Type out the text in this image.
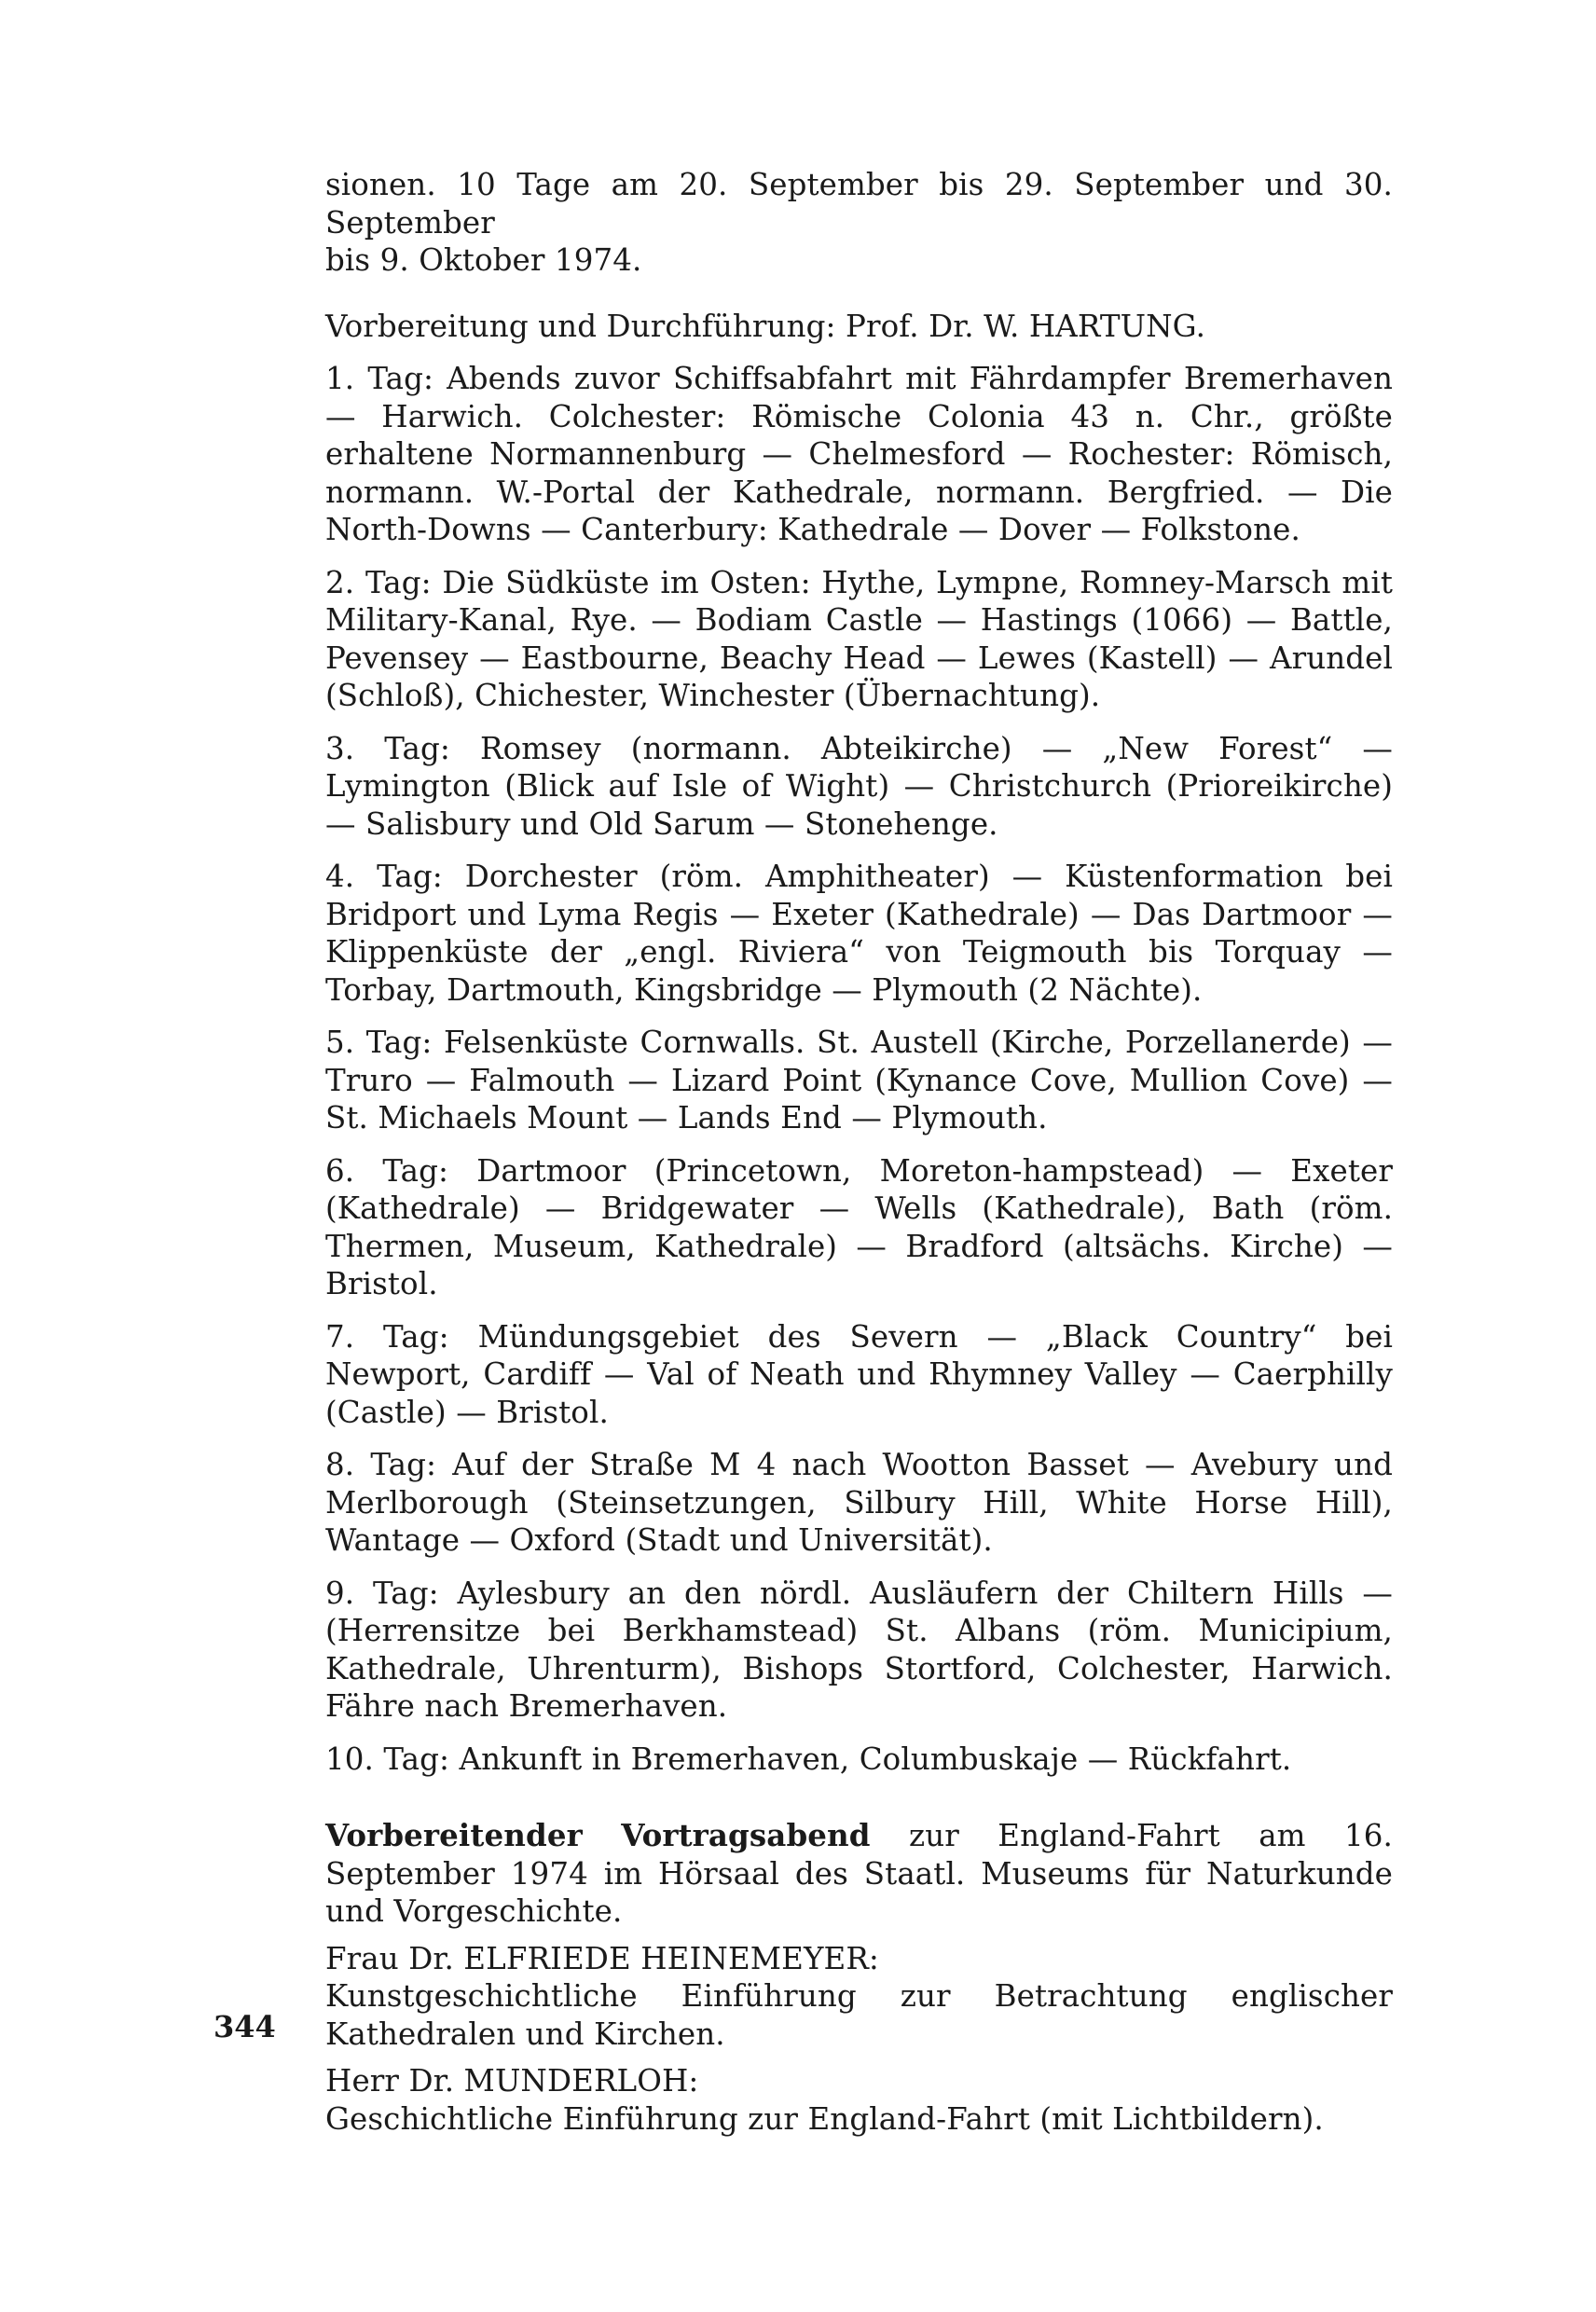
sionen. 10 Tage am 20. September bis 29. September und 30. September
bis 9. Oktober 1974.

Vorbereitung und Durchführung: Prof. Dr. W. HARTUNG.

1. Tag: Abends zuvor Schiffsabfahrt mit Fährdampfer Bremerhaven — Harwich. Colchester: Römische Colonia 43 n. Chr., größte erhaltene Normannenburg — Chelmesford — Rochester: Römisch, normann. W.-Portal der Kathedrale, normann. Bergfried. — Die North-Downs — Canterbury: Kathedrale — Dover — Folkstone.

2. Tag: Die Südküste im Osten: Hythe, Lympne, Romney-Marsch mit Military-Kanal, Rye. — Bodiam Castle — Hastings (1066) — Battle, Pevensey — Eastbourne, Beachy Head — Lewes (Kastell) — Arundel (Schloß), Chichester, Winchester (Übernachtung).

3. Tag: Romsey (normann. Abteikirche) — „New Forest“ — Lymington (Blick auf Isle of Wight) — Christchurch (Prioreikirche) — Salisbury und Old Sarum — Stonehenge.

4. Tag: Dorchester (röm. Amphitheater) — Küstenformation bei Bridport und Lyma Regis — Exeter (Kathedrale) — Das Dartmoor — Klippenküste der „engl. Riviera“ von Teigmouth bis Torquay — Torbay, Dartmouth, Kingsbridge — Plymouth (2 Nächte).

5. Tag: Felsenküste Cornwalls. St. Austell (Kirche, Porzellanerde) — Truro — Falmouth — Lizard Point (Kynance Cove, Mullion Cove) — St. Michaels Mount — Lands End — Plymouth.

6. Tag: Dartmoor (Princetown, Moreton-hampstead) — Exeter (Kathedrale) — Bridgewater — Wells (Kathedrale), Bath (röm. Thermen, Museum, Kathedrale) — Bradford (altsächs. Kirche) — Bristol.

7. Tag: Mündungsgebiet des Severn — „Black Country“ bei Newport, Cardiff — Val of Neath und Rhymney Valley — Caerphilly (Castle) — Bristol.

8. Tag: Auf der Straße M 4 nach Wootton Basset — Avebury und Merlborough (Steinsetzungen, Silbury Hill, White Horse Hill), Wantage — Oxford (Stadt und Universität).

9. Tag: Aylesbury an den nördl. Ausläufern der Chiltern Hills — (Herrensitze bei Berkhamstead) St. Albans (röm. Municipium, Kathedrale, Uhrenturm), Bishops Stortford, Colchester, Harwich. Fähre nach Bremerhaven.

10. Tag: Ankunft in Bremerhaven, Columbuskaje — Rückfahrt.

Vorbereitender Vortragsabend zur England-Fahrt am 16. September 1974 im Hörsaal des Staatl. Museums für Naturkunde und Vorgeschichte.

Frau Dr. ELFRIEDE HEINEMEYER:

Kunstgeschichtliche Einführung zur Betrachtung englischer Kathedralen und Kirchen.

Herr Dr. MUNDERLOH:

Geschichtliche Einführung zur England-Fahrt (mit Lichtbildern).

344
